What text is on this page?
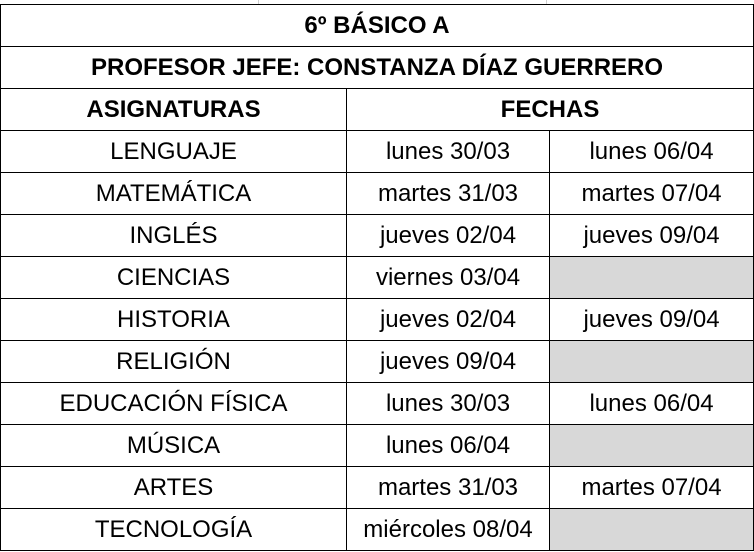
6º BÁSICO A		
PROFESOR JEFE: CONSTANZA DÍAZ GUERRERO		
ASIGNATURAS	FECHAS	
LENGUAJE	lunes 30/03	lunes 06/04
MATEMÁTICA	martes 31/03	martes 07/04
INGLÉS	jueves 02/04	jueves 09/04
CIENCIAS	viernes 03/04	
HISTORIA	jueves 02/04	jueves 09/04
RELIGIÓN	jueves 09/04	
EDUCACIÓN FÍSICA	lunes 30/03	lunes 06/04
MÚSICA	lunes 06/04	
ARTES	martes 31/03	martes 07/04
TECNOLOGÍA	miércoles 08/04	
